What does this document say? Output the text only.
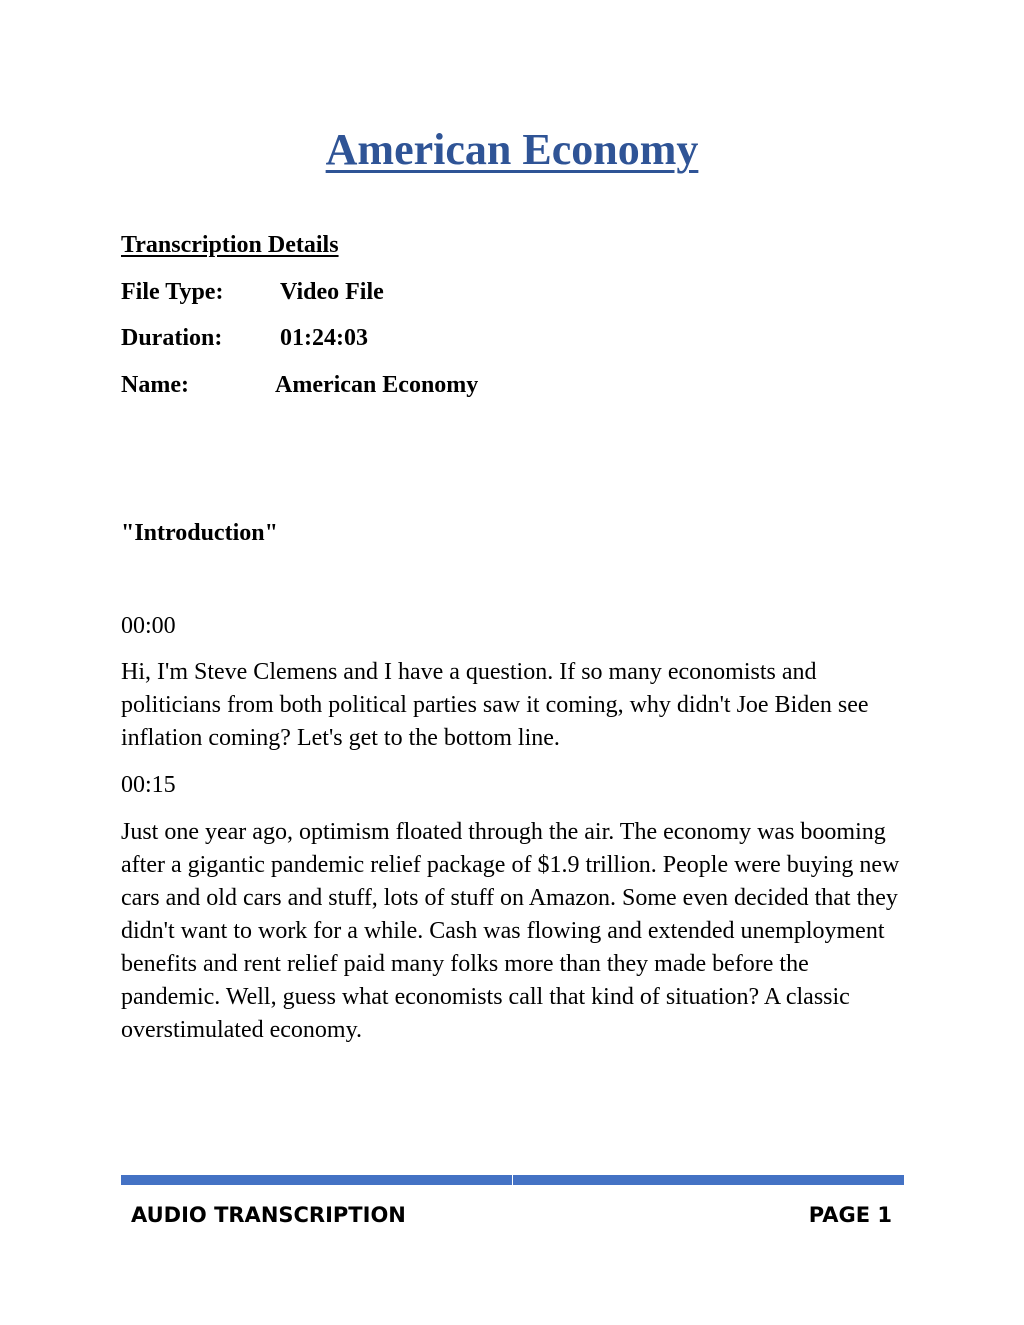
American Economy
Transcription Details
File Type: Video File
Duration: 01:24:03
Name:	American Economy
"Introduction"
00:00

Hi, I'm Steve Clemens and I have a question. If so many economists and politicians from both political parties saw it coming, why didn't Joe Biden see inflation coming? Let's get to the bottom line.

00:15

Just one year ago, optimism floated through the air. The economy was booming after a gigantic pandemic relief package of $1.9 trillion. People were buying new cars and old cars and stuff, lots of stuff on Amazon. Some even decided that they didn't want to work for a while. Cash was flowing and extended unemployment benefits and rent relief paid many folks more than they made before the pandemic. Well, guess what economists call that kind of situation? A classic overstimulated economy.

AUDIO TRANSCRIPTION	PAGE 1
